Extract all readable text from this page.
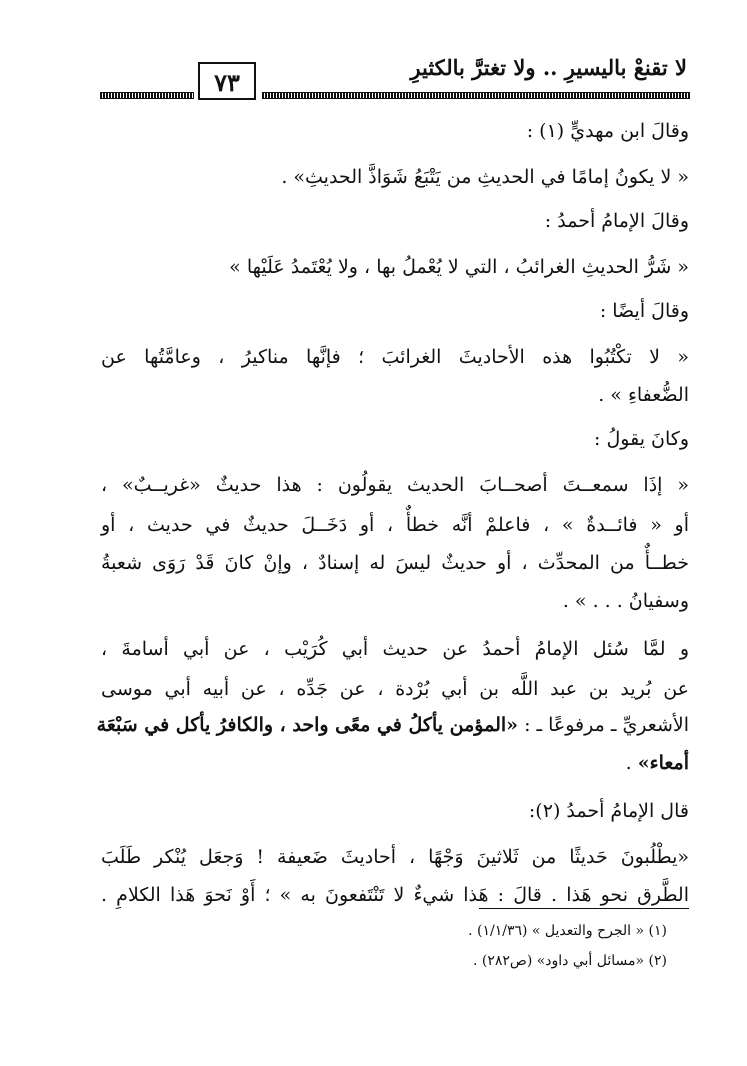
لا تقنعْ باليسيرِ .. ولا تغترَّ بالكثيرِ
٧٣
وقالَ ابن مهديٍّ (١) :
« لا يكونُ إمامًا في الحديثِ من يَتْبَعُ شَوَاذَّ الحديثِ» .
وقالَ الإمامُ أحمدُ :
« شَرُّ الحديثِ الغرائبُ ، التي لا يُعْملُ بها ، ولا يُعْتَمدُ عَلَيْها »
وقالَ أيضًا :
« لا تكْتُبُوا هذه الأحاديثَ الغرائبَ ؛ فإنَّها مناكيرُ ، وعامَّتُها عن
الضُّعفاءِ » .
وكانَ يقولُ :
« إذَا سمعــتَ أصحــابَ الحديث يقولُون : هذا حديثٌ «غريــبٌ» ،
أو « فائــدةٌ » ، فاعلمْ أنَّه خطأٌ ، أو دَخَــلَ حديثٌ في حديث ، أو
خطــأٌ من المحدِّث ، أو حديثٌ ليسَ له إسنادٌ ، وإنْ كانَ قَدْ رَوَى شعبةُ
وسفيانُ . . . » .
و لمَّا سُئل الإمامُ أحمدُ عن حديث أبي كُرَيْب ، عن أبي أسامةَ ،
عن بُريد بن عبد اللَّه بن أبي بُرْدة ، عن جَدِّه ، عن أبيه أبي موسى
الأشعريِّ ـ مرفوعًا ـ : «المؤمن يأكلُ في معًى واحد ، والكافرُ يأكل في سَبْعَة
أمعاء» .
قال الإمامُ أحمدُ (٢):
«يطْلُبونَ حَديثًا من ثَلاثينَ وَجْهًا ، أحاديثَ ضَعيفة ! وَجعَل يُنْكر طَلَبَ
الطَّرق نحو هَذا . قالَ : هَذا شيءٌ لا تَنْتَفعونَ به » ؛ أَوْ نَحوَ هَذا الكلامِ .
(١) « الجرح والتعديل » (١/١/٣٦) .
(٢) «مسائل أبي داود» (ص٢٨٢) .
